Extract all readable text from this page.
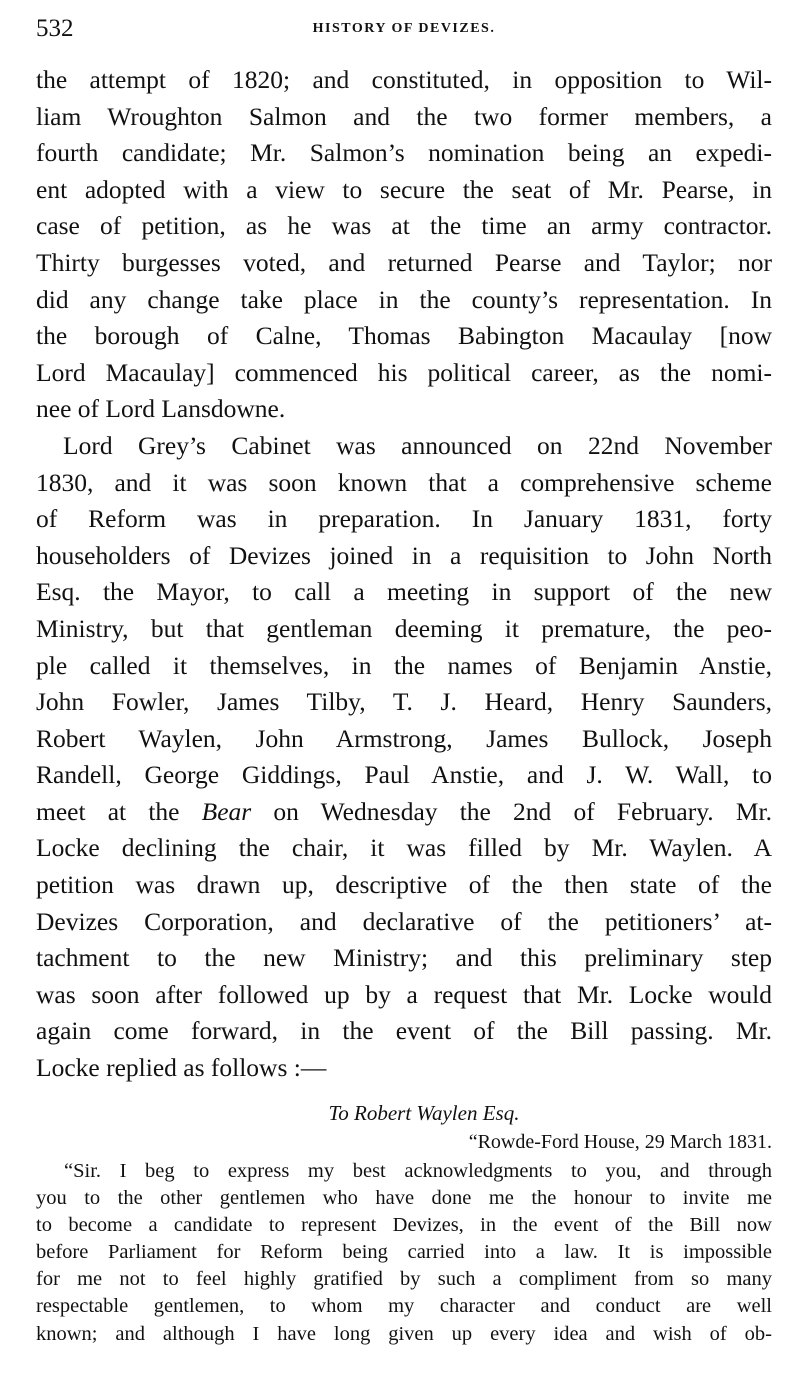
532	HISTORY OF DEVIZES.
the attempt of 1820; and constituted, in opposition to Wil-
liam Wroughton Salmon and the two former members, a
fourth candidate; Mr. Salmon’s nomination being an expedi-
ent adopted with a view to secure the seat of Mr. Pearse, in
case of petition, as he was at the time an army contractor.
Thirty burgesses voted, and returned Pearse and Taylor; nor
did any change take place in the county’s representation. In
the borough of Calne, Thomas Babington Macaulay [now
Lord Macaulay] commenced his political career, as the nomi-
nee of Lord Lansdowne.
Lord Grey’s Cabinet was announced on 22nd November
1830, and it was soon known that a comprehensive scheme
of Reform was in preparation. In January 1831, forty
householders of Devizes joined in a requisition to John North
Esq. the Mayor, to call a meeting in support of the new
Ministry, but that gentleman deeming it premature, the peo-
ple called it themselves, in the names of Benjamin Anstie,
John Fowler, James Tilby, T. J. Heard, Henry Saunders,
Robert Waylen, John Armstrong, James Bullock, Joseph
Randell, George Giddings, Paul Anstie, and J. W. Wall, to
meet at the Bear on Wednesday the 2nd of February. Mr.
Locke declining the chair, it was filled by Mr. Waylen. A
petition was drawn up, descriptive of the then state of the
Devizes Corporation, and declarative of the petitioners’ at-
tachment to the new Ministry; and this preliminary step
was soon after followed up by a request that Mr. Locke would
again come forward, in the event of the Bill passing. Mr.
Locke replied as follows :—
To Robert Waylen Esq.
“Rowde-Ford House, 29 March 1831.
“Sir. I beg to express my best acknowledgments to you, and through
you to the other gentlemen who have done me the honour to invite me
to become a candidate to represent Devizes, in the event of the Bill now
before Parliament for Reform being carried into a law. It is impossible
for me not to feel highly gratified by such a compliment from so many
respectable gentlemen, to whom my character and conduct are well
known; and although I have long given up every idea and wish of ob-
